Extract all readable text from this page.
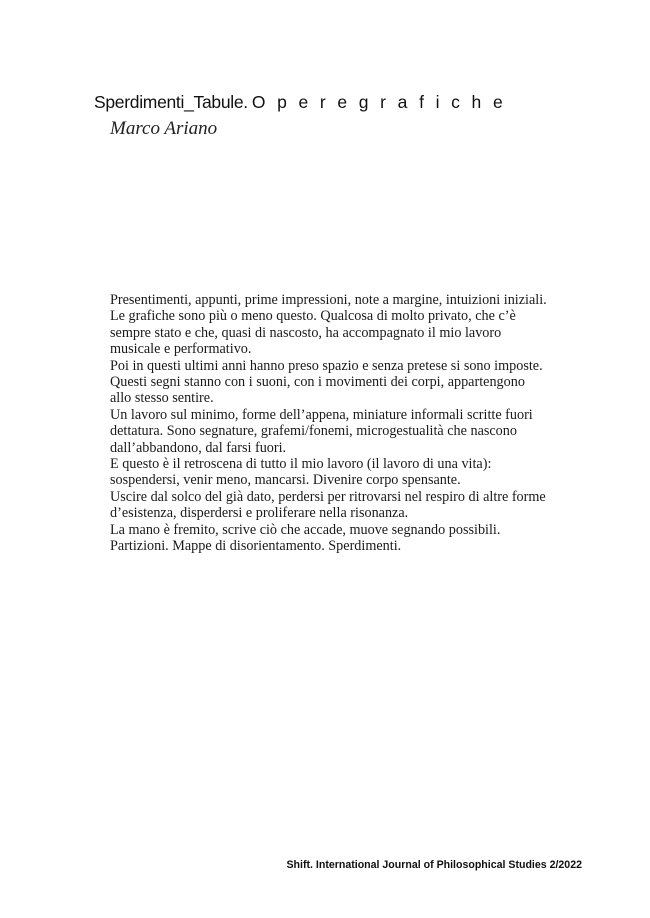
Sperdimenti_Tabule. O p e r e g r a f i c h e
Marco Ariano
Presentimenti, appunti, prime impressioni, note a margine, intuizioni iniziali.
Le grafiche sono più o meno questo. Qualcosa di molto privato, che c’è
sempre stato e che, quasi di nascosto, ha accompagnato il mio lavoro
musicale e performativo.
Poi in questi ultimi anni hanno preso spazio e senza pretese si sono imposte.
Questi segni stanno con i suoni, con i movimenti dei corpi, appartengono
allo stesso sentire.
Un lavoro sul minimo, forme dell’appena, miniature informali scritte fuori
dettatura. Sono segnature, grafemi/fonemi, microgestualità che nascono
dall’abbandono, dal farsi fuori.
E questo è il retroscena di tutto il mio lavoro (il lavoro di una vita):
sospendersi, venir meno, mancarsi. Divenire corpo spensante.
Uscire dal solco del già dato, perdersi per ritrovarsi nel respiro di altre forme
d’esistenza, disperdersi e proliferare nella risonanza.
La mano è fremito, scrive ciò che accade, muove segnando possibili.
Partizioni. Mappe di disorientamento. Sperdimenti.
Shift. International Journal of Philosophical Studies 2/2022
